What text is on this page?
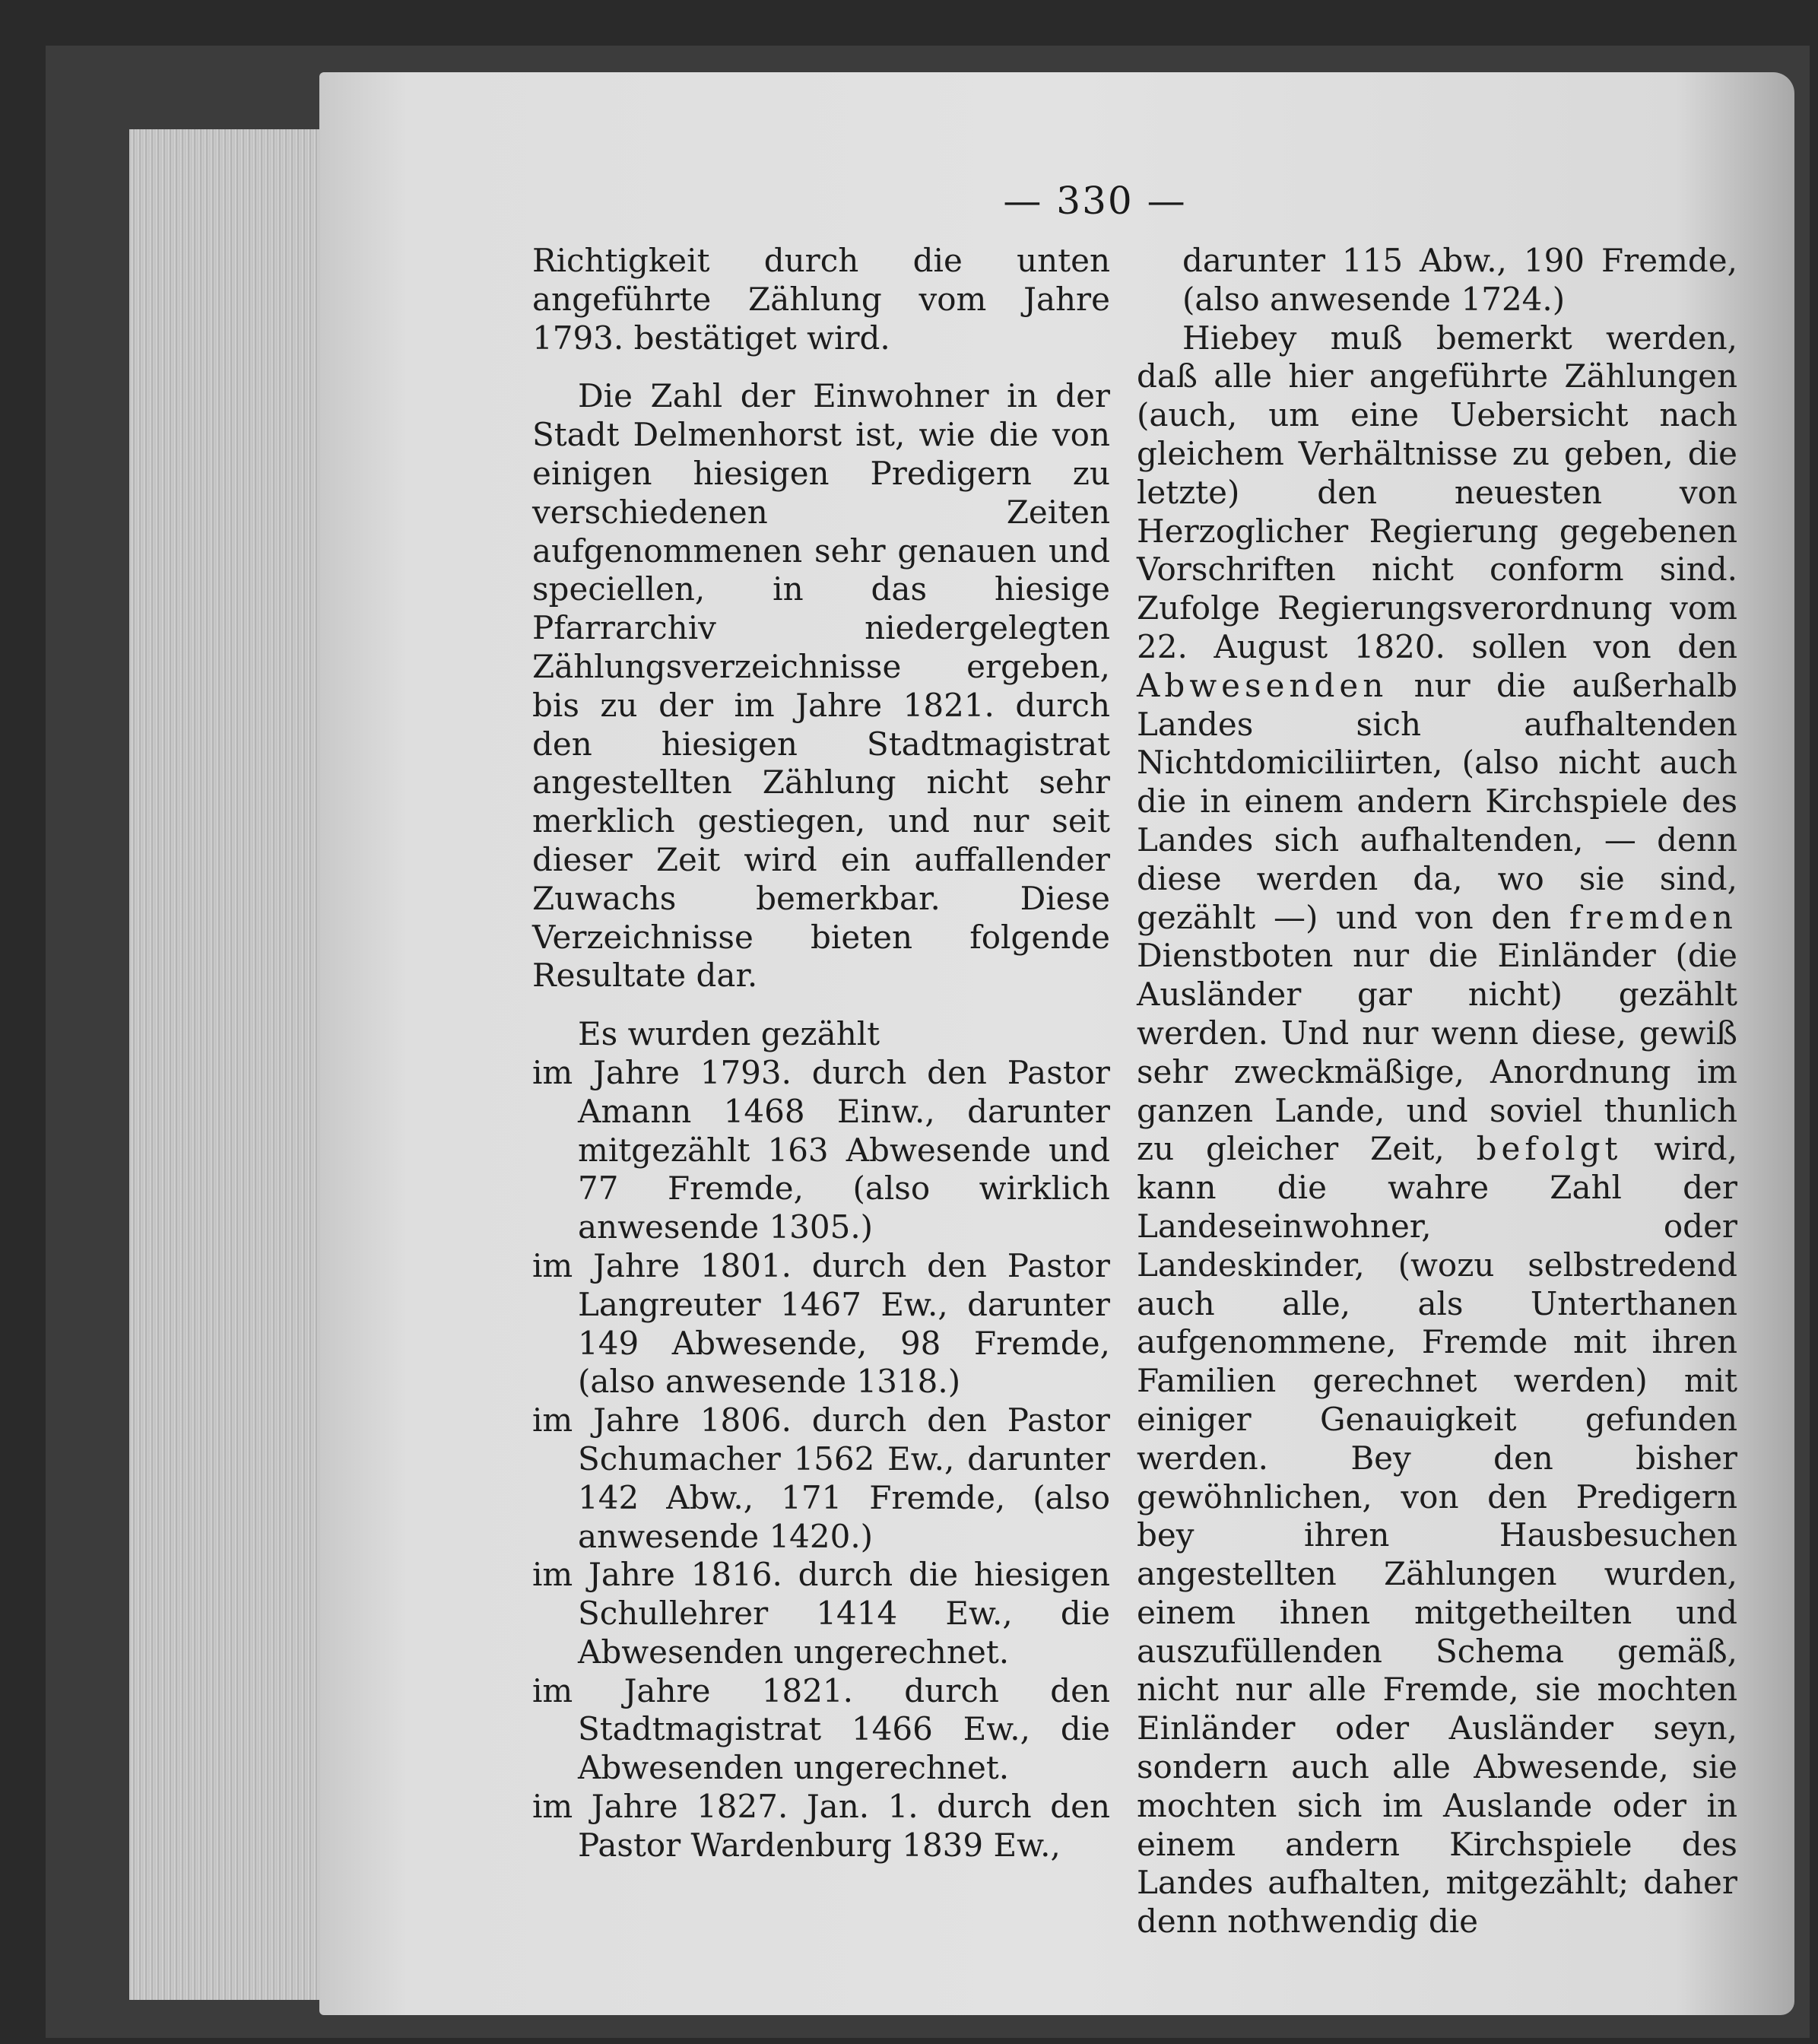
— 330 —

Richtigkeit durch die unten angeführte Zählung vom Jahre 1793. bestätiget wird.

Die Zahl der Einwohner in der Stadt Delmenhorst ist, wie die von einigen hiesigen Predigern zu verschiedenen Zeiten aufgenommenen sehr genauen und speciellen, in das hiesige Pfarrarchiv niedergelegten Zählungsverzeichnisse ergeben, bis zu der im Jahre 1821. durch den hiesigen Stadtmagistrat angestellten Zählung nicht sehr merklich gestiegen, und nur seit dieser Zeit wird ein auffallender Zuwachs bemerkbar. Diese Verzeichnisse bieten folgende Resultate dar.

Es wurden gezählt

im Jahre 1793. durch den Pastor Amann 1468 Einw., darunter mitgezählt 163 Abwesende und 77 Fremde, (also wirklich anwesende 1305.)

im Jahre 1801. durch den Pastor Langreuter 1467 Ew., darunter 149 Abwesende, 98 Fremde, (also anwesende 1318.)

im Jahre 1806. durch den Pastor Schumacher 1562 Ew., darunter 142 Abw., 171 Fremde, (also anwesende 1420.)

im Jahre 1816. durch die hiesigen Schullehrer 1414 Ew., die Abwesenden ungerechnet.

im Jahre 1821. durch den Stadtmagistrat 1466 Ew., die Abwesenden ungerechnet.

im Jahre 1827. Jan. 1. durch den Pastor Wardenburg 1839 Ew.,

darunter 115 Abw., 190 Fremde, (also anwesende 1724.)

Hiebey muß bemerkt werden, daß alle hier angeführte Zählungen (auch, um eine Uebersicht nach gleichem Verhältnisse zu geben, die letzte) den neuesten von Herzoglicher Regierung gegebenen Vorschriften nicht conform sind. Zufolge Regierungsverordnung vom 22. August 1820. sollen von den Abwesenden nur die außerhalb Landes sich aufhaltenden Nichtdomiciliirten, (also nicht auch die in einem andern Kirchspiele des Landes sich aufhaltenden, — denn diese werden da, wo sie sind, gezählt —) und von den fremden Dienstboten nur die Einländer (die Ausländer gar nicht) gezählt werden. Und nur wenn diese, gewiß sehr zweckmäßige, Anordnung im ganzen Lande, und soviel thunlich zu gleicher Zeit, befolgt wird, kann die wahre Zahl der Landeseinwohner, oder Landeskinder, (wozu selbstredend auch alle, als Unterthanen aufgenommene, Fremde mit ihren Familien gerechnet werden) mit einiger Genauigkeit gefunden werden. Bey den bisher gewöhnlichen, von den Predigern bey ihren Hausbesuchen angestellten Zählungen wurden, einem ihnen mitgetheilten und auszufüllenden Schema gemäß, nicht nur alle Fremde, sie mochten Einländer oder Ausländer seyn, sondern auch alle Abwesende, sie mochten sich im Auslande oder in einem andern Kirchspiele des Landes aufhalten, mitgezählt; daher denn nothwendig die
